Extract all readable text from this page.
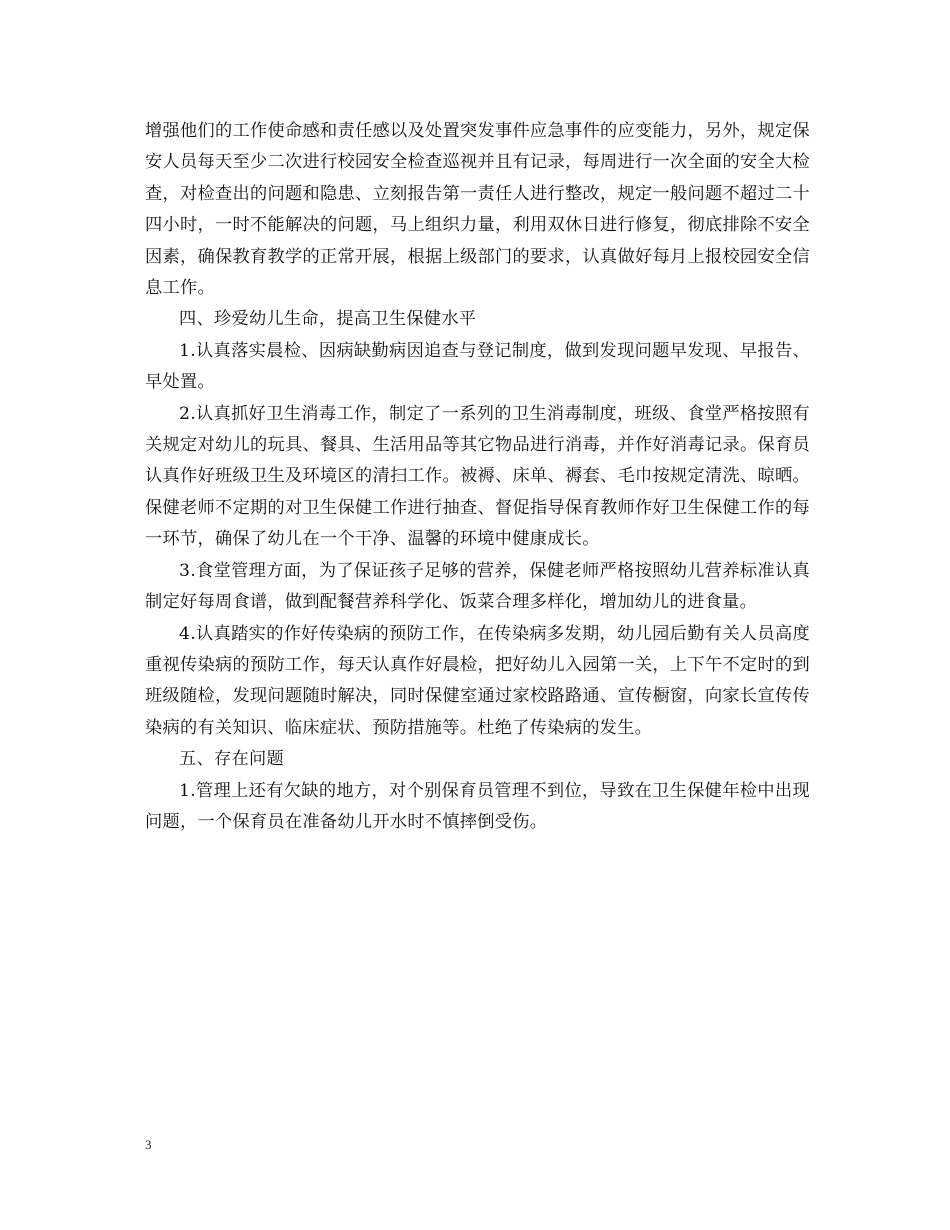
增强他们的工作使命感和责任感以及处置突发事件应急事件的应变能力，另外，规定保安人员每天至少二次进行校园安全检查巡视并且有记录，每周进行一次全面的安全大检查，对检查出的问题和隐患、立刻报告第一责任人进行整改，规定一般问题不超过二十四小时，一时不能解决的问题，马上组织力量，利用双休日进行修复，彻底排除不安全因素，确保教育教学的正常开展，根据上级部门的要求，认真做好每月上报校园安全信息工作。

四、珍爱幼儿生命，提高卫生保健水平

1.认真落实晨检、因病缺勤病因追查与登记制度，做到发现问题早发现、早报告、早处置。

2.认真抓好卫生消毒工作，制定了一系列的卫生消毒制度，班级、食堂严格按照有关规定对幼儿的玩具、餐具、生活用品等其它物品进行消毒，并作好消毒记录。保育员认真作好班级卫生及环境区的清扫工作。被褥、床单、褥套、毛巾按规定清洗、晾晒。保健老师不定期的对卫生保健工作进行抽查、督促指导保育教师作好卫生保健工作的每一环节，确保了幼儿在一个干净、温馨的环境中健康成长。

3.食堂管理方面，为了保证孩子足够的营养，保健老师严格按照幼儿营养标准认真制定好每周食谱，做到配餐营养科学化、饭菜合理多样化，增加幼儿的进食量。

4.认真踏实的作好传染病的预防工作，在传染病多发期，幼儿园后勤有关人员高度重视传染病的预防工作，每天认真作好晨检，把好幼儿入园第一关，上下午不定时的到班级随检，发现问题随时解决，同时保健室通过家校路路通、宣传橱窗，向家长宣传传染病的有关知识、临床症状、预防措施等。杜绝了传染病的发生。

五、存在问题

1.管理上还有欠缺的地方，对个别保育员管理不到位，导致在卫生保健年检中出现问题，一个保育员在准备幼儿开水时不慎摔倒受伤。

3
